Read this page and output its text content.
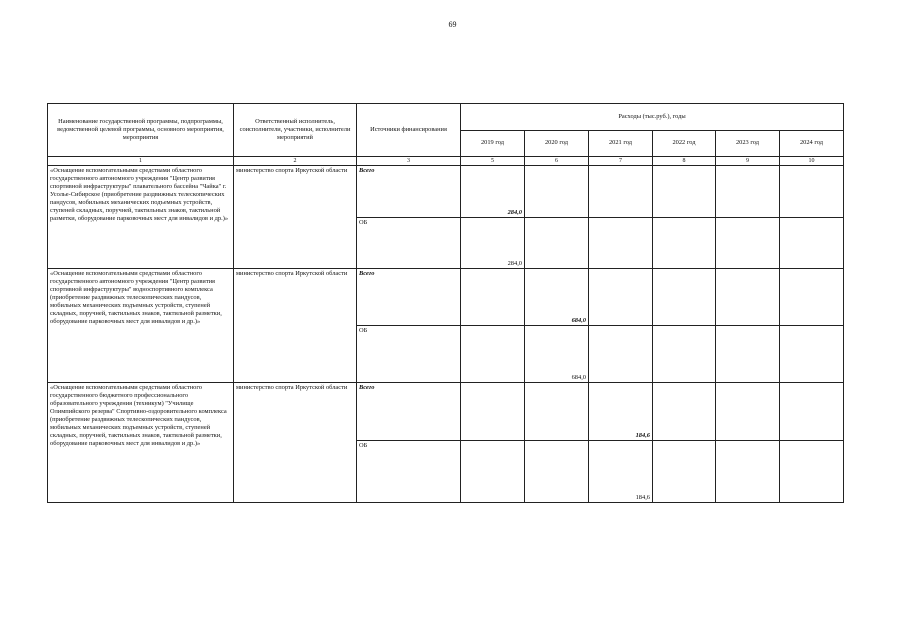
69
Наименование государственной программы, подпрограммы, ведомственной целевой программы, основного мероприятия, мероприятия	Ответственный исполнитель, соисполнители, участники, исполнители мероприятий	Источники финансирования	Расходы (тыс.руб.), годы					
			2019 год	2020 год	2021 год	2022 год	2023 год	2024 год
1	2	3	5	6	7	8	9	10
«Оснащение вспомогательными средствами областного государственного автономного учреждения "Центр развития спортивной инфраструктуры" плавательного бассейна "Чайка" г. Усолье-Сибирское (приобретение раздвижных телескопических пандусов, мобильных механических подъемных устройств, ступеней складных, поручней, тактильных знаков, тактильной разметки, оборудование парковочных мест для инвалидов и др.)»	министерство спорта Иркутской области	Всего	284,0					
		ОБ	284,0					
«Оснащение вспомогательными средствами областного государственного автономного учреждения "Центр развития спортивной инфраструктуры" водноспортивного комплекса (приобретение раздвижных телескопических пандусов, мобильных механических подъемных устройств, ступеней складных, поручней, тактильных знаков, тактильной разметки, оборудование парковочных мест для инвалидов и др.)»	министерство спорта Иркутской области	Всего		684,0				
		ОБ		684,0				
«Оснащение вспомогательными средствами областного государственного бюджетного профессионального образовательного учреждения (техникум) "Училище Олимпийского резерва" Спортивно-оздоровительного комплекса (приобретение раздвижных телескопических пандусов, мобильных механических подъемных устройств, ступеней складных, поручней, тактильных знаков, тактильной разметки, оборудование парковочных мест для инвалидов и др.)»	министерство спорта Иркутской области	Всего			184,6			
		ОБ			184,6			
